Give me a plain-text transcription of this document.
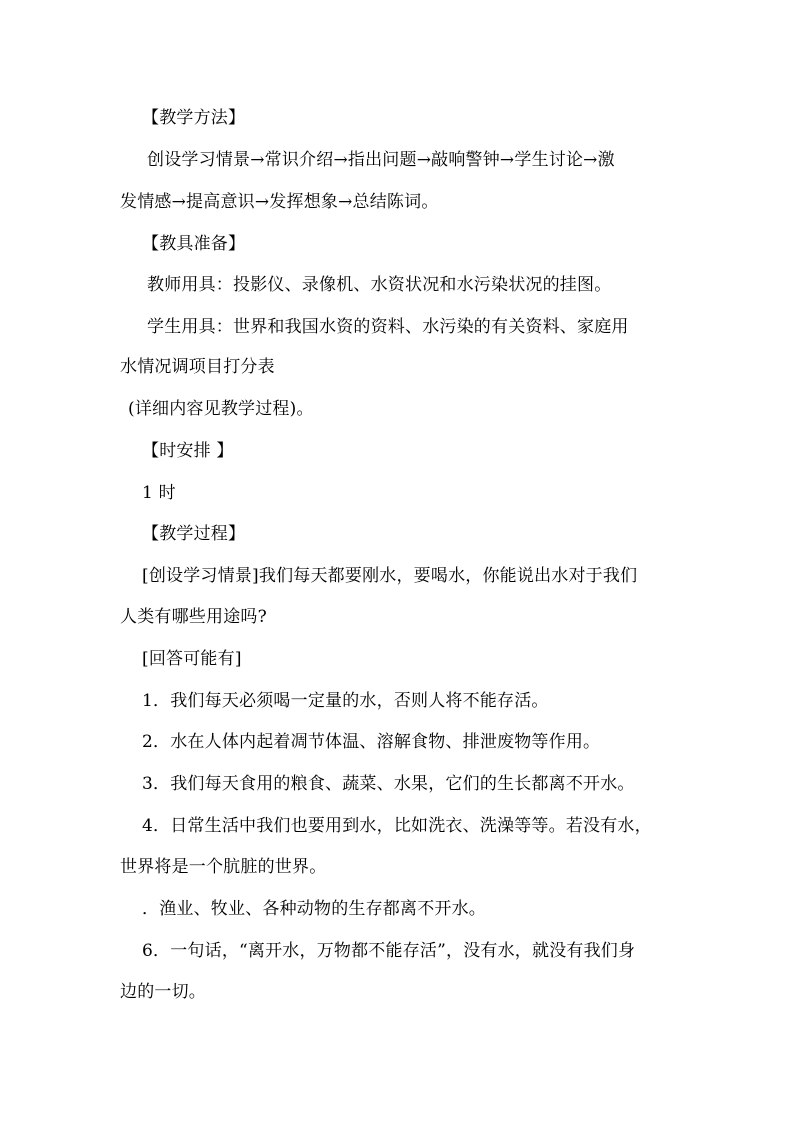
【教学方法】
创设学习情景→常识介绍→指出问题→敲响警钟→学生讨论→激
发情感→提高意识→发挥想象→总结陈词。
【教具准备】
教师用具：投影仪、录像机、水资状况和水污染状况的挂图。
学生用具：世界和我国水资的资料、水污染的有关资料、家庭用
水情况调项目打分表
(详细内容见教学过程)。
【时安排 】
1 时
【教学过程】
[创设学习情景]我们每天都要刚水，要喝水，你能说出水对于我们
人类有哪些用途吗?
[回答可能有]
1．我们每天必须喝一定量的水，否则人将不能存活。
2．水在人体内起着凋节体温、溶解食物、排泄废物等作用。
3．我们每天食用的粮食、蔬菜、水果，它们的生长都离不开水。
4．日常生活中我们也要用到水，比如洗衣、洗澡等等。若没有水，
世界将是一个肮脏的世界。
．渔业、牧业、各种动物的生存都离不开水。
6．一句话，“离开水，万物都不能存活”，没有水，就没有我们身
边的一切。
